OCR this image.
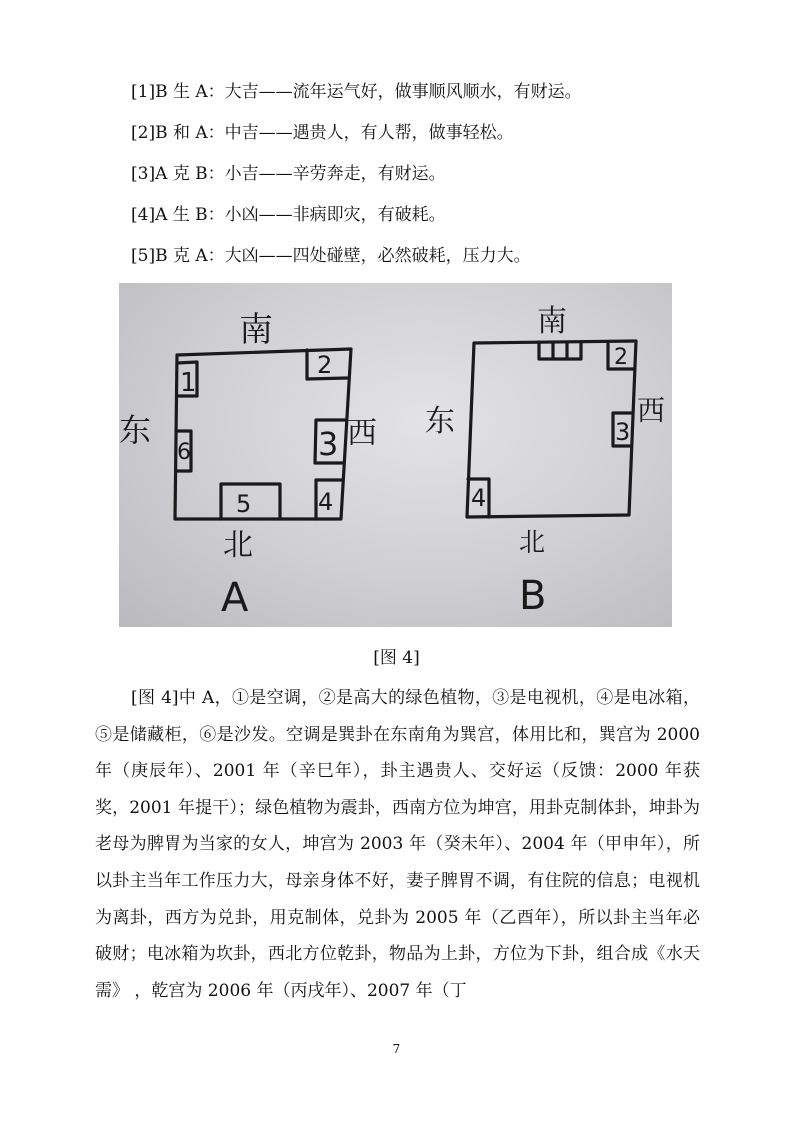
[1]B 生 A：大吉——流年运气好，做事顺风顺水，有财运。
[2]B 和 A：中吉——遇贵人，有人帮，做事轻松。
[3]A 克 B：小吉——辛劳奔走，有财运。
[4]A 生 B：小凶——非病即灾，有破耗。
[5]B 克 A：大凶——四处碰壁，必然破耗，压力大。
南
东	西
北
A
1
2
3
4
5
6
南
东	西
北
B
2
3
4
[图 4]
[图 4]中 A，①是空调，②是高大的绿色植物，③是电视机，④是电冰箱，⑤是储藏柜，⑥是沙发。空调是巽卦在东南角为巽宫，体用比和，巽宫为 2000 年（庚辰年）、2001 年（辛巳年），卦主遇贵人、交好运（反馈：2000 年获奖，2001 年提干）；绿色植物为震卦，西南方位为坤宫，用卦克制体卦，坤卦为老母为脾胃为当家的女人，坤宫为 2003 年（癸未年）、2004 年（甲申年），所以卦主当年工作压力大，母亲身体不好，妻子脾胃不调，有住院的信息；电视机为离卦，西方为兑卦，用克制体，兑卦为 2005 年（乙酉年），所以卦主当年必破财；电冰箱为坎卦，西北方位乾卦，物品为上卦，方位为下卦，组合成《水天需》 ，乾宫为 2006 年（丙戌年）、2007 年（丁
7
